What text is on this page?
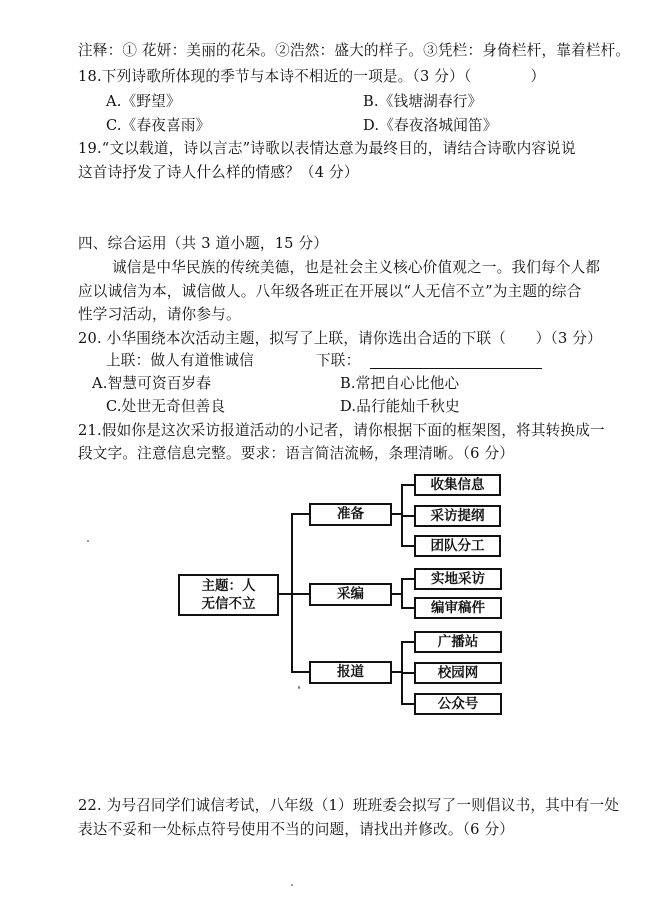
注释：① 花妍：美丽的花朵。②浩然：盛大的样子。③凭栏：身倚栏杆，靠着栏杆。
18.下列诗歌所体现的季节与本诗不相近的一项是。（3 分）（　　　　）
A.《野望》	B.《钱塘湖春行》
C.《春夜喜雨》	D.《春夜洛城闻笛》
19.“文以载道，诗以言志”诗歌以表情达意为最终目的，请结合诗歌内容说说
这首诗抒发了诗人什么样的情感？（4 分）
四、综合运用（共 3 道小题，15 分）
诚信是中华民族的传统美德，也是社会主义核心价值观之一。我们每个人都
应以诚信为本，诚信做人。八年级各班正在开展以“人无信不立”为主题的综合
性学习活动，请你参与。
20. 小华围绕本次活动主题，拟写了上联，请你选出合适的下联（　　）（3 分）
上联：做人有道惟诚信	下联：
A.智慧可资百岁春	B.常把自心比他心
C.处世无奇但善良	D.品行能灿千秋史
21.假如你是这次采访报道活动的小记者，请你根据下面的框架图，将其转换成一
段文字。注意信息完整。要求：语言简洁流畅，条理清晰。（6 分）
主题：人
无信不立
准备
采编
报道
收集信息
采访提纲
团队分工
实地采访
编审稿件
广播站
校园网
公众号
22. 为号召同学们诚信考试，八年级（1）班班委会拟写了一则倡议书，其中有一处
表达不妥和一处标点符号使用不当的问题，请找出并修改。（6 分）
